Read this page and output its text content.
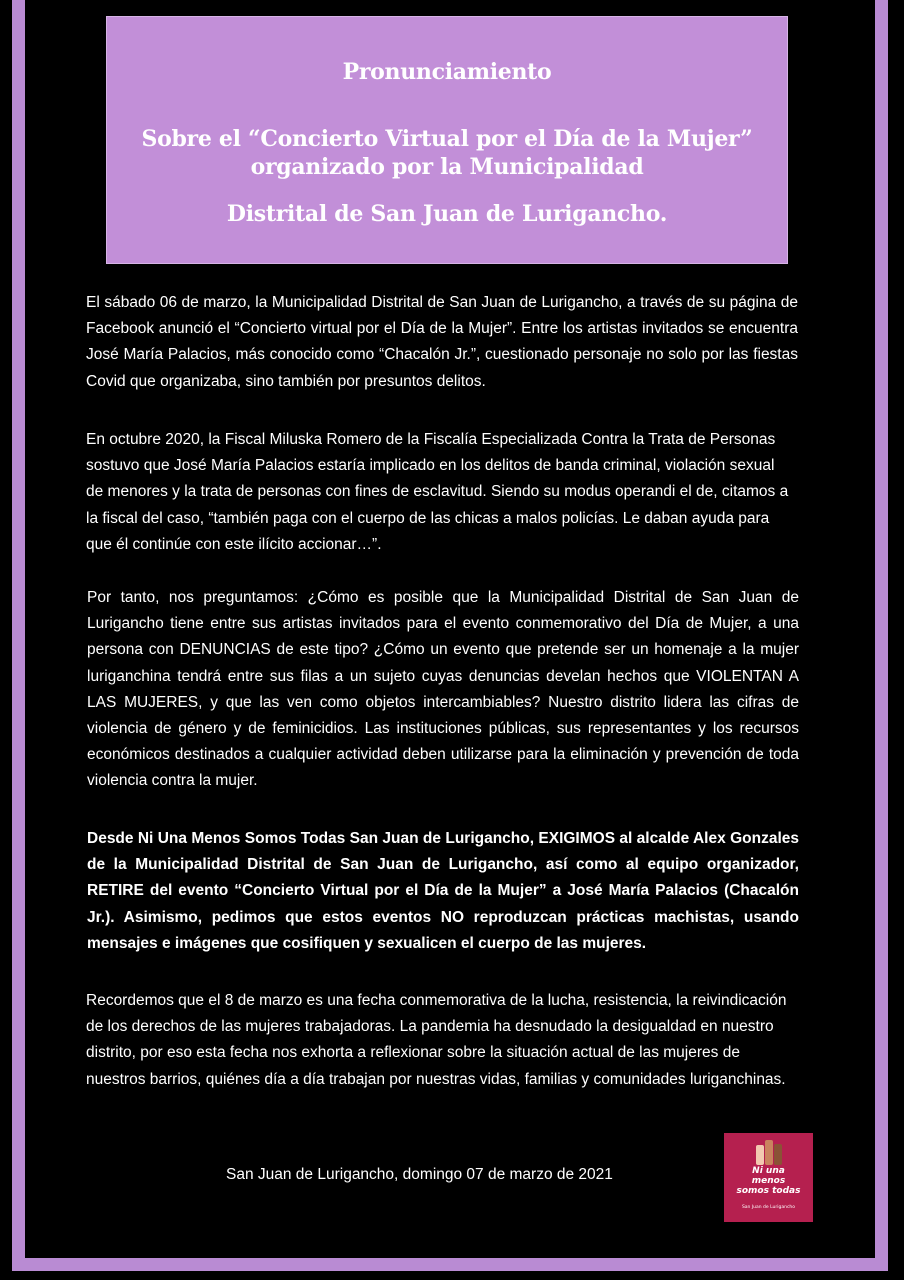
Pronunciamiento
Sobre el “Concierto Virtual por el Día de la Mujer”
organizado por la Municipalidad
Distrital de San Juan de Lurigancho.
El sábado 06 de marzo, la Municipalidad Distrital de San Juan de Lurigancho, a través de su página de Facebook anunció el “Concierto virtual por el Día de la Mujer”. Entre los artistas invitados se encuentra José María Palacios, más conocido como “Chacalón Jr.”, cuestionado personaje no solo por las fiestas Covid que organizaba, sino también por presuntos delitos.
En octubre 2020, la Fiscal Miluska Romero de la Fiscalía Especializada Contra la Trata de Personas sostuvo que José María Palacios estaría implicado en los delitos de banda criminal, violación sexual de menores y la trata de personas con fines de esclavitud. Siendo su modus operandi el de, citamos a la fiscal del caso, “también paga con el cuerpo de las chicas a malos policías. Le daban ayuda para que él continúe con este ilícito accionar…”.
Por tanto, nos preguntamos: ¿Cómo es posible que la Municipalidad Distrital de San Juan de Lurigancho tiene entre sus artistas invitados para el evento conmemorativo del Día de Mujer, a una persona con DENUNCIAS de este tipo? ¿Cómo un evento que pretende ser un homenaje a la mujer luriganchina tendrá entre sus filas a un sujeto cuyas denuncias develan hechos que VIOLENTAN A LAS MUJERES, y que las ven como objetos intercambiables? Nuestro distrito lidera las cifras de violencia de género y de feminicidios. Las instituciones públicas, sus representantes y los recursos económicos destinados a cualquier actividad deben utilizarse para la eliminación y prevención de toda violencia contra la mujer.
Desde Ni Una Menos Somos Todas San Juan de Lurigancho, EXIGIMOS al alcalde Alex Gonzales de la Municipalidad Distrital de San Juan de Lurigancho, así como al equipo organizador, RETIRE del evento “Concierto Virtual por el Día de la Mujer” a José María Palacios (Chacalón Jr.). Asimismo, pedimos que estos eventos NO reproduzcan prácticas machistas, usando mensajes e imágenes que cosifiquen y sexualicen el cuerpo de las mujeres.
Recordemos que el 8 de marzo es una fecha conmemorativa de la lucha, resistencia, la reivindicación de los derechos de las mujeres trabajadoras. La pandemia ha desnudado la desigualdad en nuestro distrito, por eso esta fecha nos exhorta a reflexionar sobre la situación actual de las mujeres de nuestros barrios, quiénes día a día trabajan por nuestras vidas, familias y comunidades luriganchinas.
San Juan de Lurigancho, domingo 07 de marzo de 2021	Ni una
menos
somos todas
San Juan de Lurigancho
